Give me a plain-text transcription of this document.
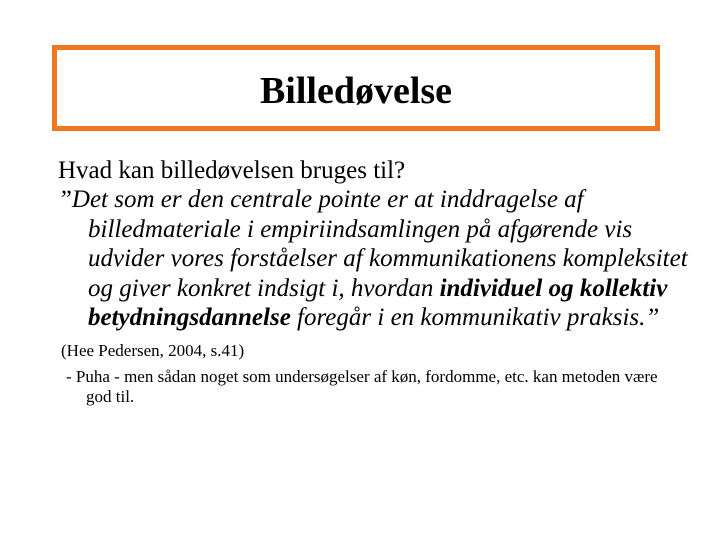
Billedøvelse

Hvad kan billedøvelsen bruges til?

”Det som er den centrale pointe er at inddragelse af billedmateriale i empiriindsamlingen på afgørende vis udvider vores forståelser af kommunikationens kompleksitet og giver konkret indsigt i, hvordan individuel og kollektiv betydningsdannelse foregår i en kommunikativ praksis.”

(Hee Pedersen, 2004, s.41)

- Puha - men sådan noget som undersøgelser af køn, fordomme, etc. kan metoden være god til.
